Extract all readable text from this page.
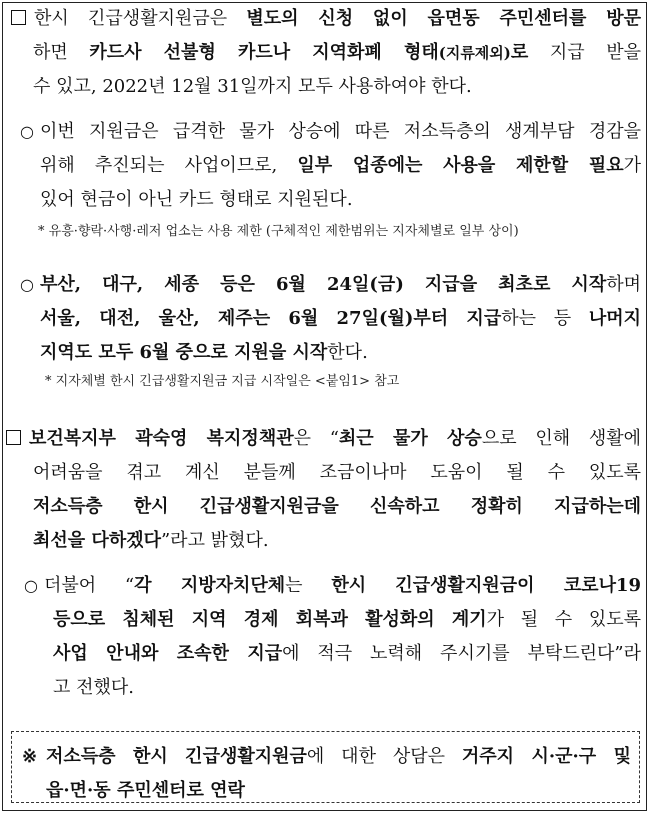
한시 긴급생활지원금은 별도의 신청 없이 읍면동 주민센터를 방문
하면 카드사 선불형 카드나 지역화폐 형태(지류제외)로 지급 받을
수 있고, 2022년 12월 31일까지 모두 사용하여야 한다.
○ 이번 지원금은 급격한 물가 상승에 따른 저소득층의 생계부담 경감을
위해 추진되는 사업이므로, 일부 업종에는 사용을 제한할 필요가
있어 현금이 아닌 카드 형태로 지원된다.
* 유흥·향락·사행·레저 업소는 사용 제한 (구체적인 제한범위는 지자체별로 일부 상이)
○ 부산, 대구, 세종 등은 6월 24일(금) 지급을 최초로 시작하며
서울, 대전, 울산, 제주는 6월 27일(월)부터 지급하는 등 나머지
지역도 모두 6월 중으로 지원을 시작한다.
* 지자체별 한시 긴급생활지원금 지급 시작일은 <붙임1> 참고
보건복지부 곽숙영 복지정책관은 “최근 물가 상승으로 인해 생활에
어려움을 겪고 계신 분들께 조금이나마 도움이 될 수 있도록
저소득층 한시 긴급생활지원금을 신속하고 정확히 지급하는데
최선을 다하겠다”라고 밝혔다.
○ 더불어 “각 지방자치단체는 한시 긴급생활지원금이 코로나19
등으로 침체된 지역 경제 회복과 활성화의 계기가 될 수 있도록
사업 안내와 조속한 지급에 적극 노력해 주시기를 부탁드린다”라
고 전했다.
※ 저소득층 한시 긴급생활지원금에 대한 상담은 거주지 시·군·구 및
읍·면·동 주민센터로 연락
